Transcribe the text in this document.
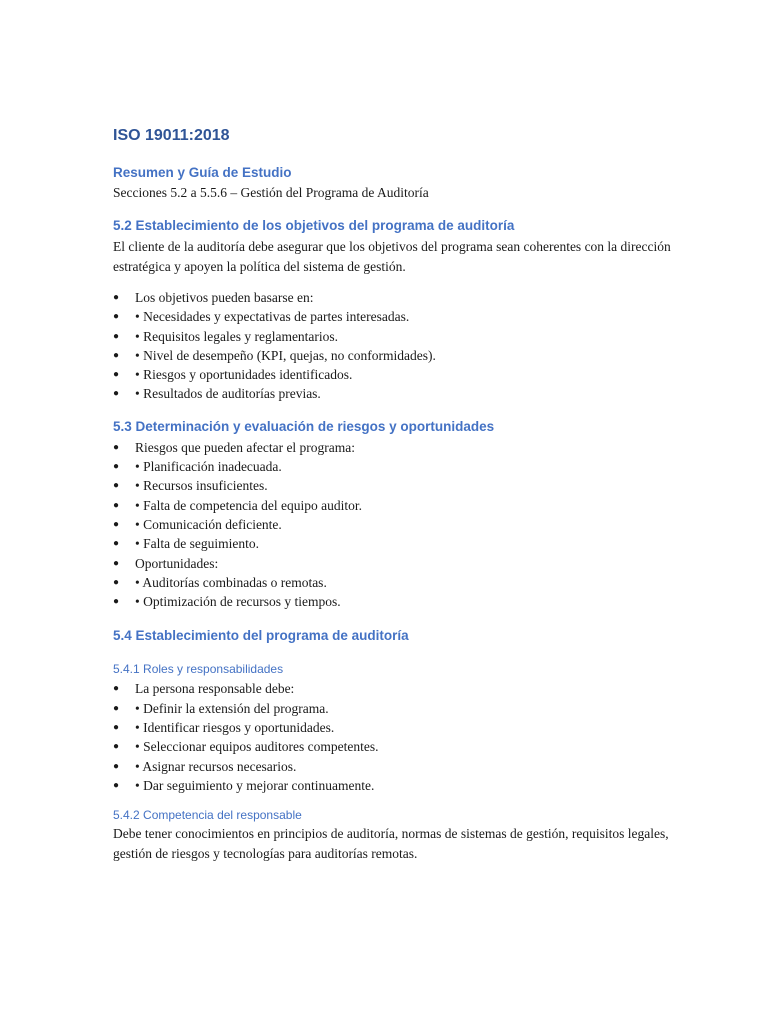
ISO 19011:2018
Resumen y Guía de Estudio
Secciones 5.2 a 5.5.6 – Gestión del Programa de Auditoría
5.2 Establecimiento de los objetivos del programa de auditoría
El cliente de la auditoría debe asegurar que los objetivos del programa sean coherentes con la dirección estratégica y apoyen la política del sistema de gestión.
●	Los objetivos pueden basarse en:
●	• Necesidades y expectativas de partes interesadas.
●	• Requisitos legales y reglamentarios.
●	• Nivel de desempeño (KPI, quejas, no conformidades).
●	• Riesgos y oportunidades identificados.
●	• Resultados de auditorías previas.
5.3 Determinación y evaluación de riesgos y oportunidades
●	Riesgos que pueden afectar el programa:
●	• Planificación inadecuada.
●	• Recursos insuficientes.
●	• Falta de competencia del equipo auditor.
●	• Comunicación deficiente.
●	• Falta de seguimiento.
●	Oportunidades:
●	• Auditorías combinadas o remotas.
●	• Optimización de recursos y tiempos.
5.4 Establecimiento del programa de auditoría
5.4.1 Roles y responsabilidades
●	La persona responsable debe:
●	• Definir la extensión del programa.
●	• Identificar riesgos y oportunidades.
●	• Seleccionar equipos auditores competentes.
●	• Asignar recursos necesarios.
●	• Dar seguimiento y mejorar continuamente.
5.4.2 Competencia del responsable
Debe tener conocimientos en principios de auditoría, normas de sistemas de gestión, requisitos legales, gestión de riesgos y tecnologías para auditorías remotas.
